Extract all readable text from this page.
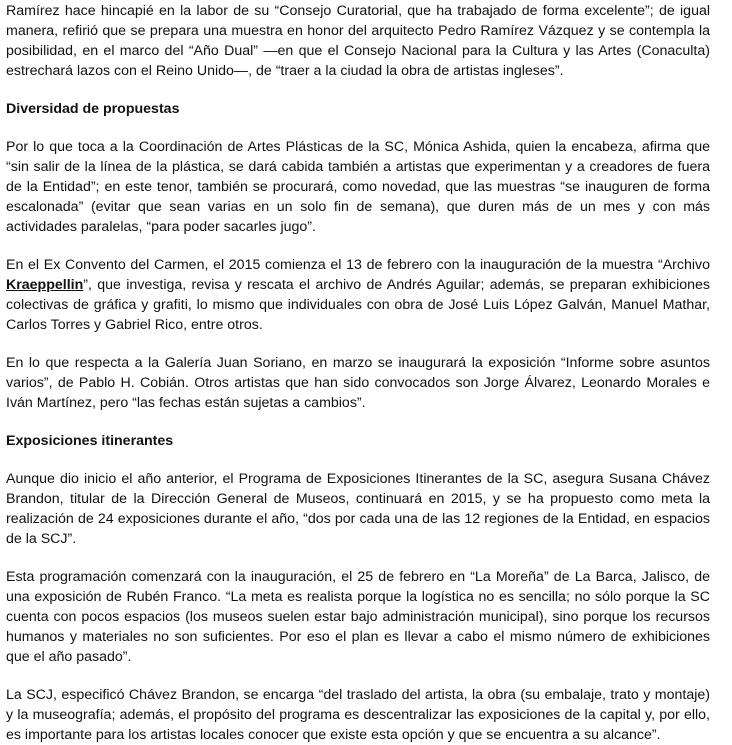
Ramírez hace hincapié en la labor de su “Consejo Curatorial, que ha trabajado de forma excelente”; de igual manera, refirió que se prepara una muestra en honor del arquitecto Pedro Ramírez Vázquez y se contempla la posibilidad, en el marco del “Año Dual” —en que el Consejo Nacional para la Cultura y las Artes (Conaculta) estrechará lazos con el Reino Unido—, de “traer a la ciudad la obra de artistas ingleses”.

Diversidad de propuestas

Por lo que toca a la Coordinación de Artes Plásticas de la SC, Mónica Ashida, quien la encabeza, afirma que “sin salir de la línea de la plástica, se dará cabida también a artistas que experimentan y a creadores de fuera de la Entidad”; en este tenor, también se procurará, como novedad, que las muestras “se inauguren de forma escalonada” (evitar que sean varias en un solo fin de semana), que duren más de un mes y con más actividades paralelas, “para poder sacarles jugo”.

En el Ex Convento del Carmen, el 2015 comienza el 13 de febrero con la inauguración de la muestra “Archivo Kraeppellin”, que investiga, revisa y rescata el archivo de Andrés Aguilar; además, se preparan exhibiciones colectivas de gráfica y grafiti, lo mismo que individuales con obra de José Luis López Galván, Manuel Mathar, Carlos Torres y Gabriel Rico, entre otros.

En lo que respecta a la Galería Juan Soriano, en marzo se inaugurará la exposición “Informe sobre asuntos varios”, de Pablo H. Cobián. Otros artistas que han sido convocados son Jorge Álvarez, Leonardo Morales e Iván Martínez, pero “las fechas están sujetas a cambios”.

Exposiciones itinerantes

Aunque dio inicio el año anterior, el Programa de Exposiciones Itinerantes de la SC, asegura Susana Chávez Brandon, titular de la Dirección General de Museos, continuará en 2015, y se ha propuesto como meta la realización de 24 exposiciones durante el año, “dos por cada una de las 12 regiones de la Entidad, en espacios de la SCJ”.

Esta programación comenzará con la inauguración, el 25 de febrero en “La Moreña” de La Barca, Jalisco, de una exposición de Rubén Franco. “La meta es realista porque la logística no es sencilla; no sólo porque la SC cuenta con pocos espacios (los museos suelen estar bajo administración municipal), sino porque los recursos humanos y materiales no son suficientes. Por eso el plan es llevar a cabo el mismo número de exhibiciones que el año pasado”.

La SCJ, especificó Chávez Brandon, se encarga “del traslado del artista, la obra (su embalaje, trato y montaje) y la museografía; además, el propósito del programa es descentralizar las exposiciones de la capital y, por ello, es importante para los artistas locales conocer que existe esta opción y que se encuentra a su alcance”.
